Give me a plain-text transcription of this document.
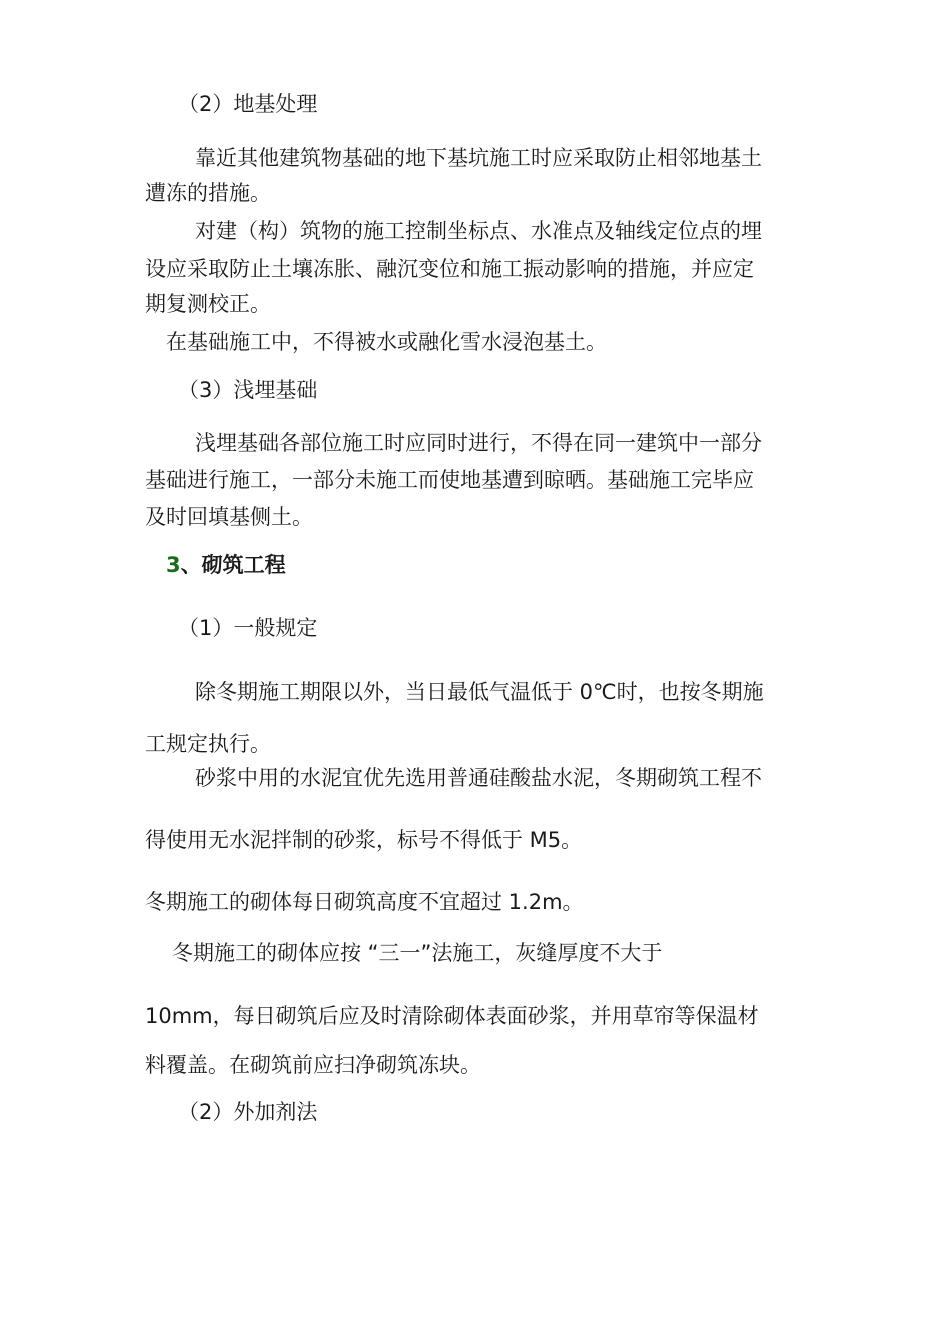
（2）地基处理
靠近其他建筑物基础的地下基坑施工时应采取防止相邻地基土
遭冻的措施。
对建（构）筑物的施工控制坐标点、水准点及轴线定位点的埋
设应采取防止土壤冻胀、融沉变位和施工振动影响的措施，并应定
期复测校正。
在基础施工中，不得被水或融化雪水浸泡基土。
（3）浅埋基础
浅埋基础各部位施工时应同时进行，不得在同一建筑中一部分
基础进行施工，一部分未施工而使地基遭到晾晒。基础施工完毕应
及时回填基侧土。
3、砌筑工程
（1）一般规定
除冬期施工期限以外，当日最低气温低于 0℃时，也按冬期施
工规定执行。
砂浆中用的水泥宜优先选用普通硅酸盐水泥，冬期砌筑工程不
得使用无水泥拌制的砂浆，标号不得低于 M5。
冬期施工的砌体每日砌筑高度不宜超过 1.2m。
冬期施工的砌体应按 “三一”法施工，灰缝厚度不大于
10mm，每日砌筑后应及时清除砌体表面砂浆，并用草帘等保温材
料覆盖。在砌筑前应扫净砌筑冻块。
（2）外加剂法
